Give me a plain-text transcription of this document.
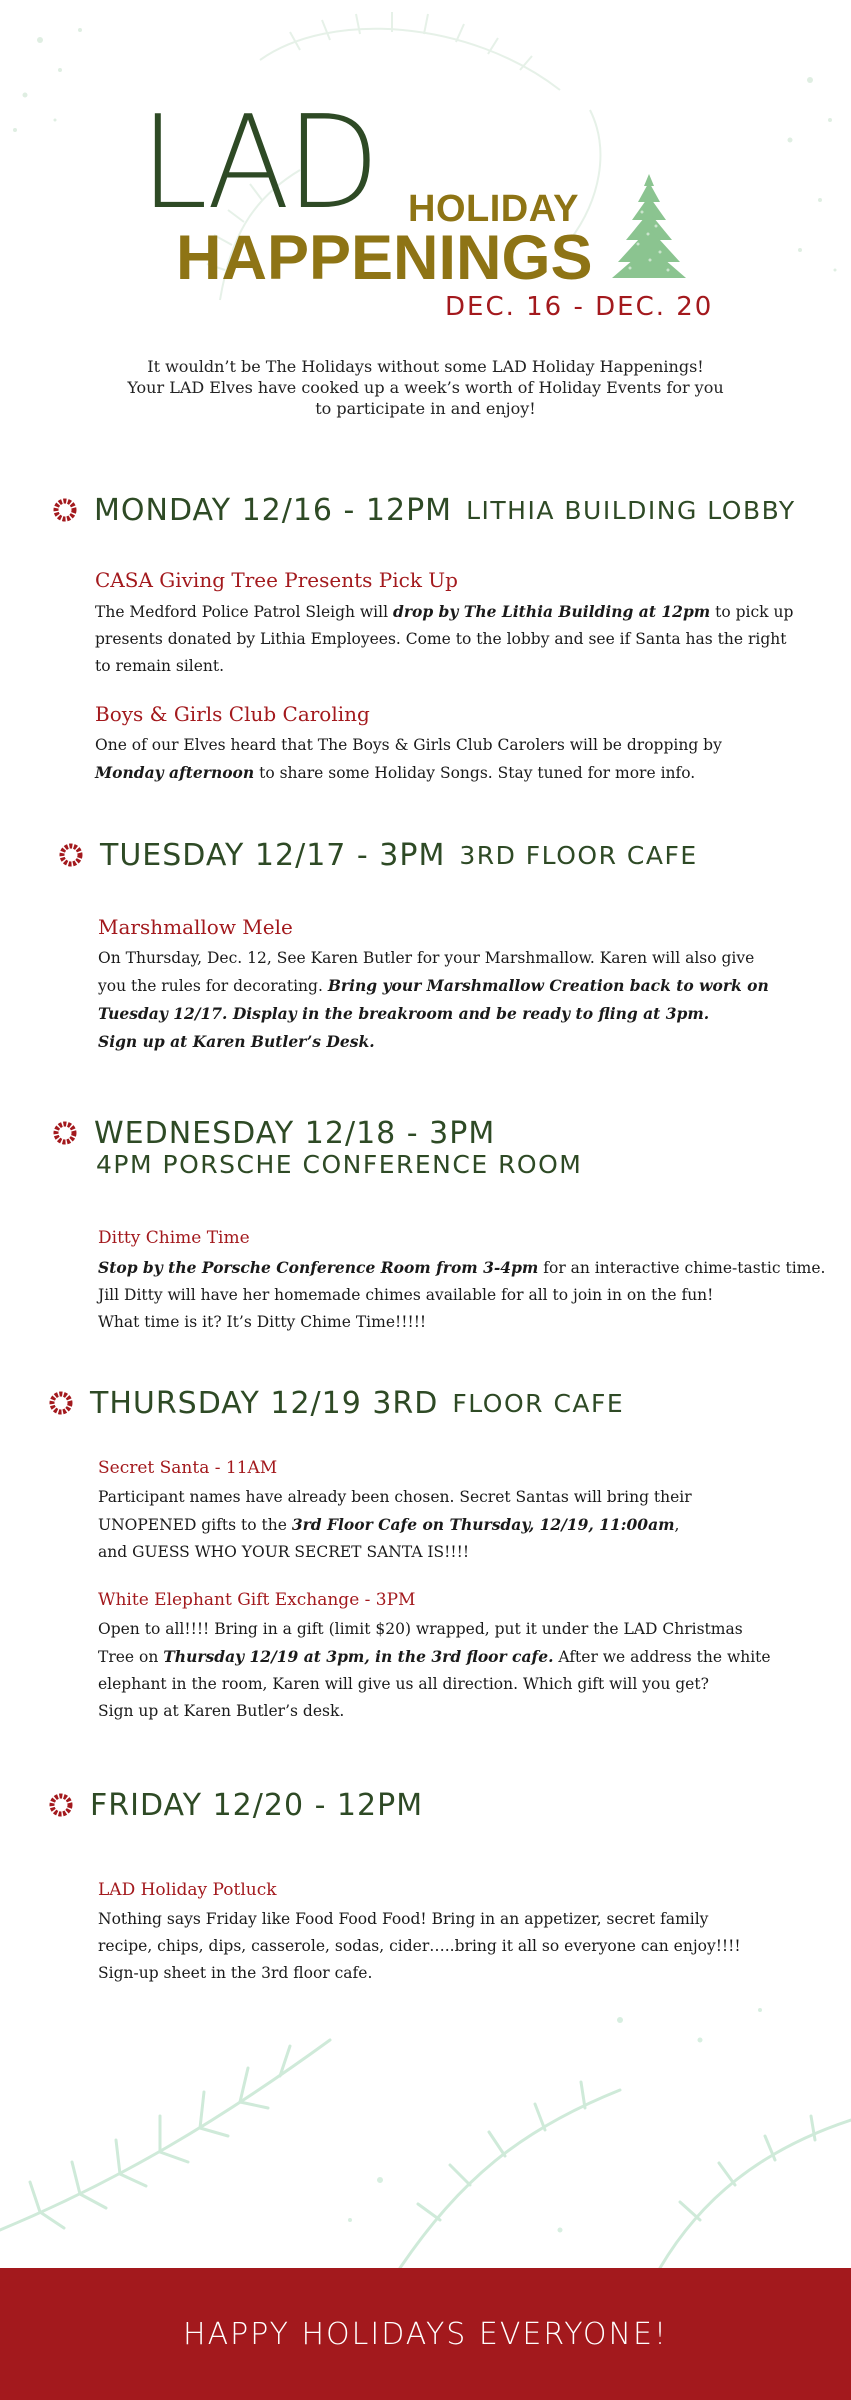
LAD HOLIDAY
HAPPENINGS
DEC. 16 - DEC. 20
It wouldn’t be The Holidays without some LAD Holiday Happenings!
Your LAD Elves have cooked up a week’s worth of Holiday Events for you
to participate in and enjoy!
MONDAY 12/16 - 12PM LITHIA BUILDING LOBBY
CASA Giving Tree Presents Pick Up
The Medford Police Patrol Sleigh will drop by The Lithia Building at 12pm to pick up
presents donated by Lithia Employees. Come to the lobby and see if Santa has the right
to remain silent.
Boys & Girls Club Caroling
One of our Elves heard that The Boys & Girls Club Carolers will be dropping by
Monday afternoon to share some Holiday Songs. Stay tuned for more info.
TUESDAY 12/17 - 3PM 3RD FLOOR CAFE
Marshmallow Mele
On Thursday, Dec. 12, See Karen Butler for your Marshmallow. Karen will also give
you the rules for decorating. Bring your Marshmallow Creation back to work on
Tuesday 12/17. Display in the breakroom and be ready to fling at 3pm.
Sign up at Karen Butler’s Desk.
WEDNESDAY 12/18 - 3PM
4PM PORSCHE CONFERENCE ROOM
Ditty Chime Time
Stop by the Porsche Conference Room from 3-4pm for an interactive chime-tastic time.
Jill Ditty will have her homemade chimes available for all to join in on the fun!
What time is it? It’s Ditty Chime Time!!!!!
THURSDAY 12/19 3RD FLOOR CAFE
Secret Santa - 11AM
Participant names have already been chosen. Secret Santas will bring their
UNOPENED gifts to the 3rd Floor Cafe on Thursday, 12/19, 11:00am,
and GUESS WHO YOUR SECRET SANTA IS!!!!
White Elephant Gift Exchange - 3PM
Open to all!!!! Bring in a gift (limit $20) wrapped, put it under the LAD Christmas
Tree on Thursday 12/19 at 3pm, in the 3rd floor cafe. After we address the white
elephant in the room, Karen will give us all direction. Which gift will you get?
Sign up at Karen Butler’s desk.
FRIDAY 12/20 - 12PM
LAD Holiday Potluck
Nothing says Friday like Food Food Food! Bring in an appetizer, secret family
recipe, chips, dips, casserole, sodas, cider…..bring it all so everyone can enjoy!!!!
Sign-up sheet in the 3rd floor cafe.
HAPPY HOLIDAYS EVERYONE!
